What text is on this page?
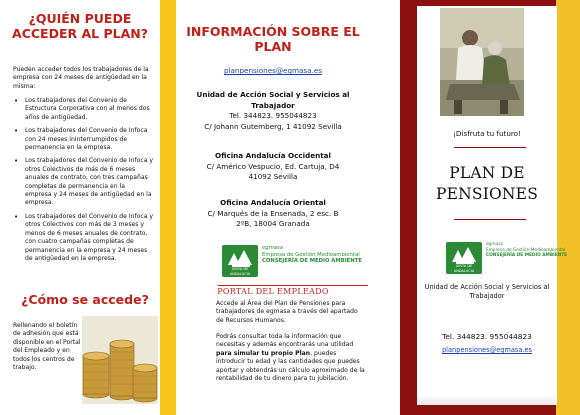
¿QUIÉN PUEDE ACCEDER AL PLAN?
Pueden acceder todos los trabajadores de la empresa con 24 meses de antigüedad en la misma:
• Los trabajadores del Convenio de Estructura Corporativa con al menos dos años de antigüedad.
• Los trabajadores del Convenio de Infoca con 24 meses ininterrumpidos de permanencia en la empresa.
• Los trabajadores del Convenio de Infoca y otros Colectivos de más de 6 meses anuales de contrato, con tres campañas completas de permanencia en la empresa y 24 meses de antigüedad en la empresa.
• Los trabajadores del Convenio de Infoca y otros Colectivos con más de 3 meses y menos de 6 meses anuales de contrato, con cuatro campañas completas de permanencia en la empresa y 24 meses de antigüedad en la empresa.
¿Cómo se accede?
Rellenando el boletín de adhesión que está disponible en el Portal del Empleado y en todos los centros de trabajo.
INFORMACIÓN SOBRE EL PLAN
planpensiones@egmasa.es
Unidad de Acción Social y Servicios al Trabajador
Tel. 344823. 955044823
C/ Johann Gutemberg, 1 41092 Sevilla
Oficina Andalucía Occidental
C/ Américo Vespucio, Ed. Cartuja, D4
41092 Sevilla
Oficina Andalucía Oriental
C/ Marqués de la Ensenada, 2 esc. B
2ºB, 18004 Granada
JUNTA DE ANDALUCIA
egmasa
Empresa de Gestión Medioambiental
CONSEJERÍA DE MEDIO AMBIENTE
PORTAL DEL EMPLEADO
Accede al Área del Plan de Pensiones para trabajadores de egmasa a través del apartado de Recursos Humanos.
Podrás consultar toda la información que necesitas y además encontrarás una utilidad para simular tu propio Plan, puedes introducir tu edad y las cantidades que puedes aportar y obtendrás un cálculo aproximado de la rentabilidad de tu dinero para tu jubilación.
¡Disfruta tu futuro!
PLAN DE
PENSIONES
JUNTA DE ANDALUCIA
egmasa
Empresa de Gestión Medioambiental
CONSEJERÍA DE MEDIO AMBIENTE
Unidad de Acción Social y Servicios al Trabajador
Tel. 344823. 955044823
planpensiones@egmasa.es
